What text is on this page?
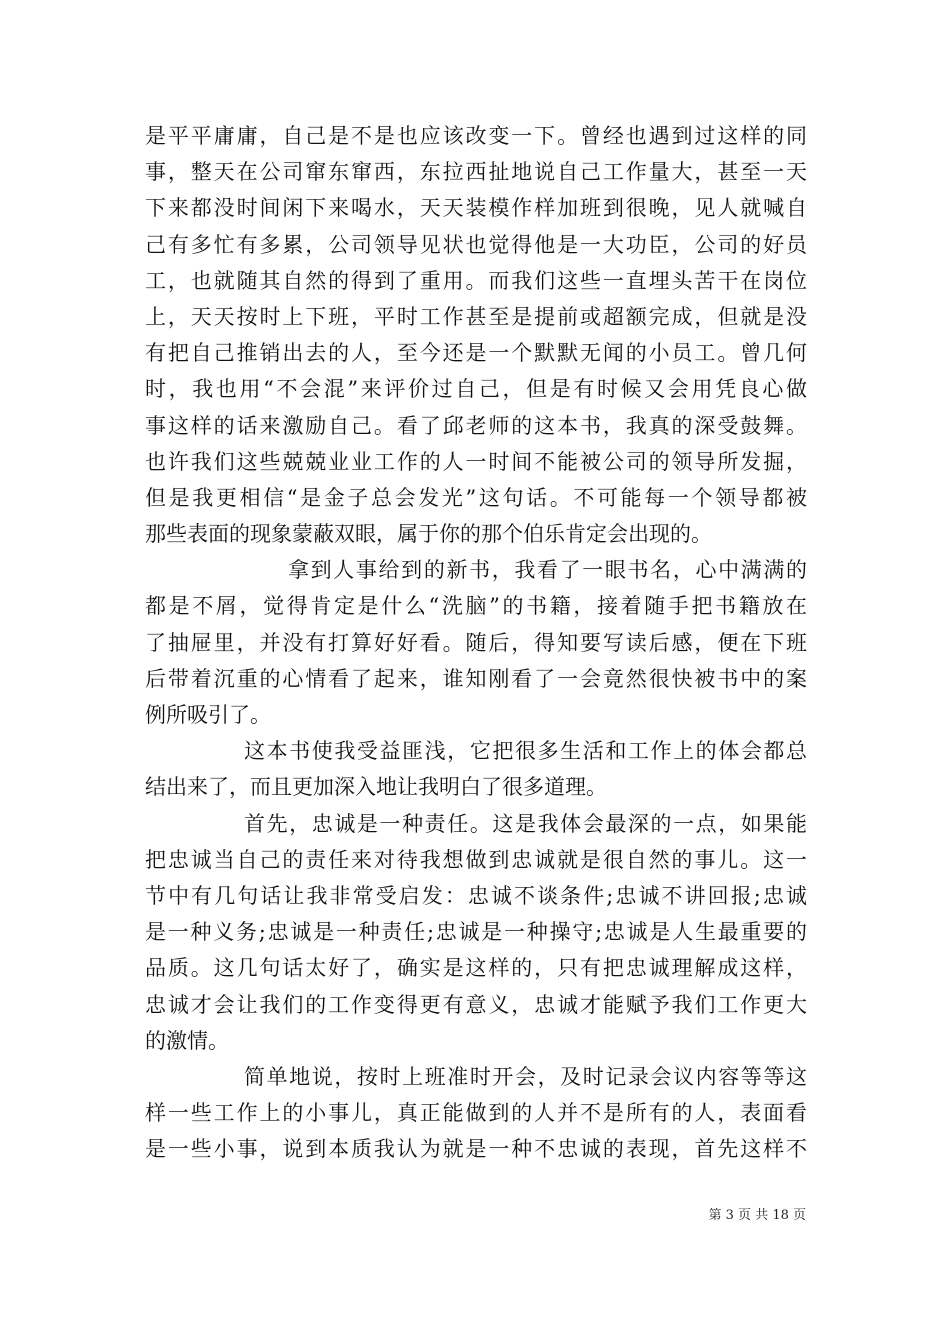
是平平庸庸，自己是不是也应该改变一下。曾经也遇到过这样的同
事，整天在公司窜东窜西，东拉西扯地说自己工作量大，甚至一天
下来都没时间闲下来喝水，天天装模作样加班到很晚，见人就喊自
己有多忙有多累，公司领导见状也觉得他是一大功臣，公司的好员
工，也就随其自然的得到了重用。而我们这些一直埋头苦干在岗位
上，天天按时上下班，平时工作甚至是提前或超额完成，但就是没
有把自己推销出去的人，至今还是一个默默无闻的小员工。曾几何
时，我也用“不会混”来评价过自己，但是有时候又会用凭良心做
事这样的话来激励自己。看了邱老师的这本书，我真的深受鼓舞。
也许我们这些兢兢业业工作的人一时间不能被公司的领导所发掘，
但是我更相信“是金子总会发光”这句话。不可能每一个领导都被
那些表面的现象蒙蔽双眼，属于你的那个伯乐肯定会出现的。
拿到人事给到的新书，我看了一眼书名，心中满满的
都是不屑，觉得肯定是什么“洗脑”的书籍，接着随手把书籍放在
了抽屉里，并没有打算好好看。随后，得知要写读后感，便在下班
后带着沉重的心情看了起来，谁知刚看了一会竟然很快被书中的案
例所吸引了。
这本书使我受益匪浅，它把很多生活和工作上的体会都总
结出来了，而且更加深入地让我明白了很多道理。
首先，忠诚是一种责任。这是我体会最深的一点，如果能
把忠诚当自己的责任来对待我想做到忠诚就是很自然的事儿。这一
节中有几句话让我非常受启发：忠诚不谈条件;忠诚不讲回报;忠诚
是一种义务;忠诚是一种责任;忠诚是一种操守;忠诚是人生最重要的
品质。这几句话太好了，确实是这样的，只有把忠诚理解成这样，
忠诚才会让我们的工作变得更有意义，忠诚才能赋予我们工作更大
的激情。
简单地说，按时上班准时开会，及时记录会议内容等等这
样一些工作上的小事儿，真正能做到的人并不是所有的人，表面看
是一些小事，说到本质我认为就是一种不忠诚的表现，首先这样不
第 3 页 共 18 页
